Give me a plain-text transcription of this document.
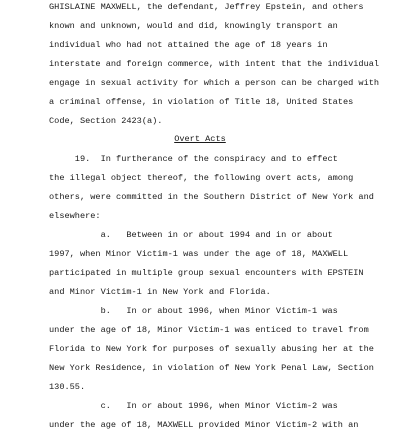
GHISLAINE MAXWELL, the defendant, Jeffrey Epstein, and others
known and unknown, would and did, knowingly transport an
individual who had not attained the age of 18 years in
interstate and foreign commerce, with intent that the individual
engage in sexual activity for which a person can be charged with
a criminal offense, in violation of Title 18, United States
Code, Section 2423(a).
Overt Acts
19.  In furtherance of the conspiracy and to effect
the illegal object thereof, the following overt acts, among
others, were committed in the Southern District of New York and
elsewhere:
a.   Between in or about 1994 and in or about
1997, when Minor Victim-1 was under the age of 18, MAXWELL
participated in multiple group sexual encounters with EPSTEIN
and Minor Victim-1 in New York and Florida.
b.   In or about 1996, when Minor Victim-1 was
under the age of 18, Minor Victim-1 was enticed to travel from
Florida to New York for purposes of sexually abusing her at the
New York Residence, in violation of New York Penal Law, Section
130.55.
c.   In or about 1996, when Minor Victim-2 was
under the age of 18, MAXWELL provided Minor Victim-2 with an
